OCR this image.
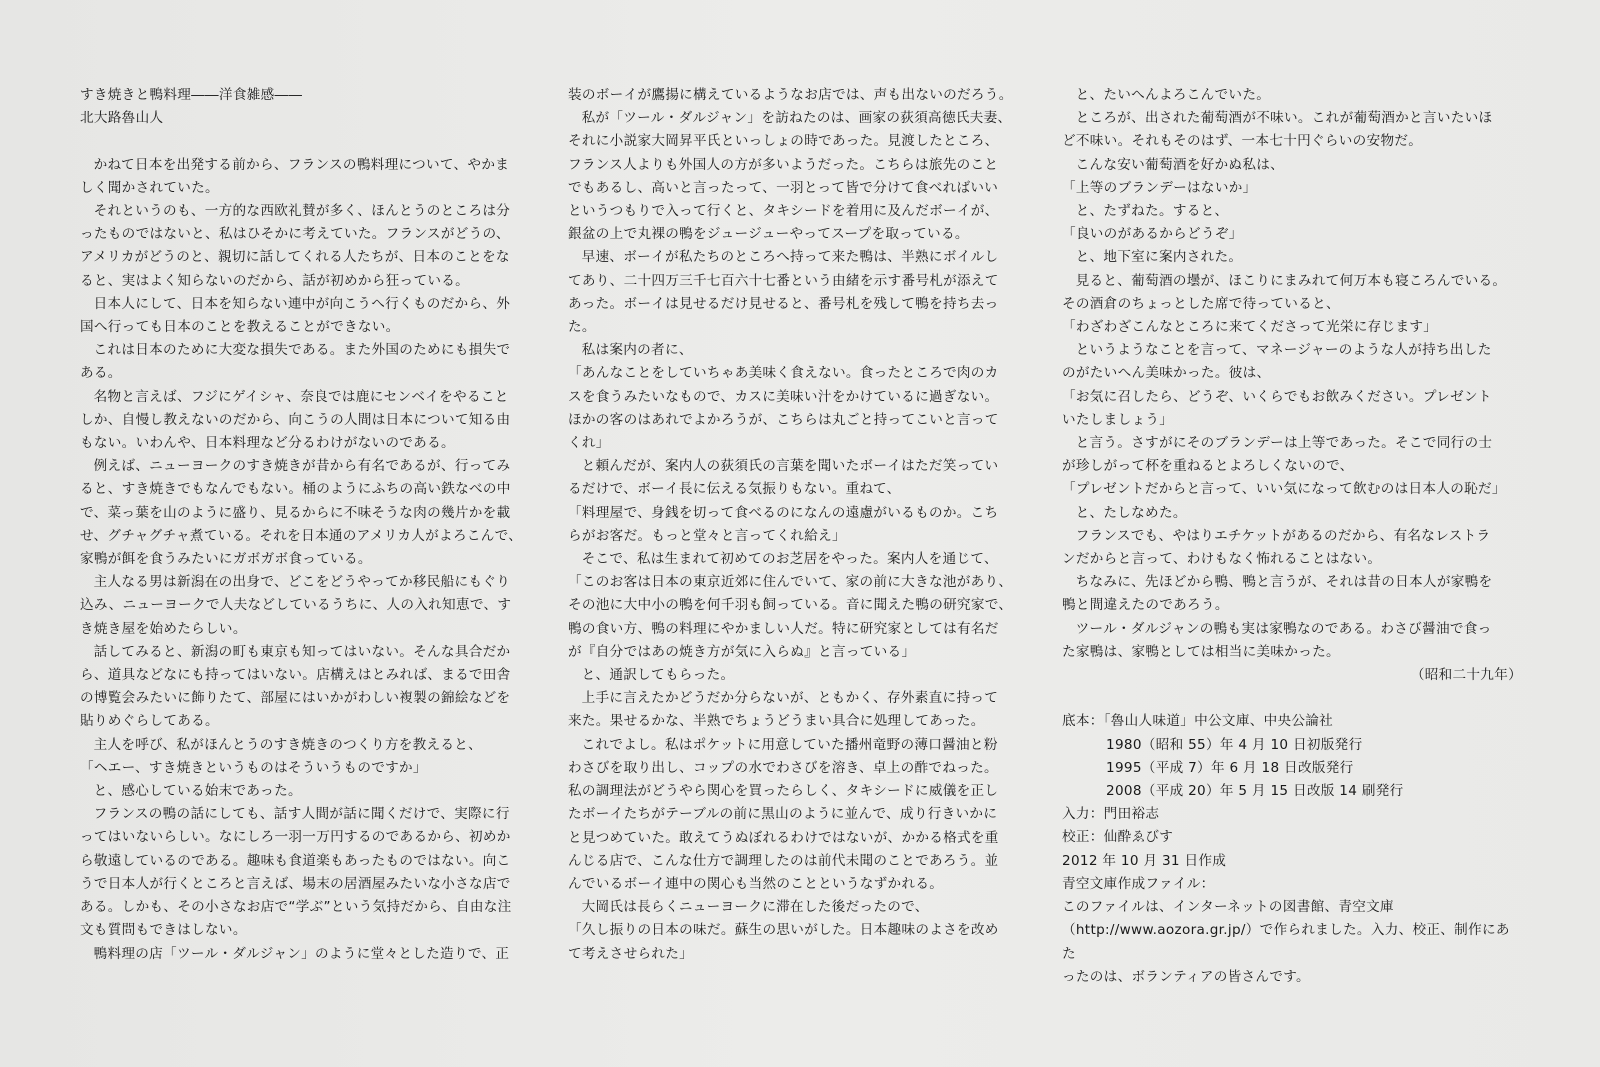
すき焼きと鴨料理――洋食雑感――

北大路魯山人

かねて日本を出発する前から、フランスの鴨料理について、やかま
しく聞かされていた。

それというのも、一方的な西欧礼賛が多く、ほんとうのところは分
ったものではないと、私はひそかに考えていた。フランスがどうの、
アメリカがどうのと、親切に話してくれる人たちが、日本のことをな
ると、実はよく知らないのだから、話が初めから狂っている。

日本人にして、日本を知らない連中が向こうへ行くものだから、外
国へ行っても日本のことを教えることができない。

これは日本のために大変な損失である。また外国のためにも損失で
ある。

名物と言えば、フジにゲイシャ、奈良では鹿にセンベイをやること
しか、自慢し教えないのだから、向こうの人間は日本について知る由
もない。いわんや、日本料理など分るわけがないのである。

例えば、ニューヨークのすき焼きが昔から有名であるが、行ってみ
ると、すき焼きでもなんでもない。桶のようにふちの高い鉄なべの中
で、菜っ葉を山のように盛り、見るからに不味そうな肉の幾片かを載
せ、グチャグチャ煮ている。それを日本通のアメリカ人がよろこんで、
家鴨が餌を食うみたいにガボガボ食っている。

主人なる男は新潟在の出身で、どこをどうやってか移民船にもぐり
込み、ニューヨークで人夫などしているうちに、人の入れ知恵で、す
き焼き屋を始めたらしい。

話してみると、新潟の町も東京も知ってはいない。そんな具合だか
ら、道具などなにも持ってはいない。店構えはとみれば、まるで田舎
の博覧会みたいに飾りたて、部屋にはいかがわしい複製の錦絵などを
貼りめぐらしてある。

主人を呼び、私がほんとうのすき焼きのつくり方を教えると、

「ヘエー、すき焼きというものはそういうものですか」

と、感心している始末であった。

フランスの鴨の話にしても、話す人間が話に聞くだけで、実際に行
ってはいないらしい。なにしろ一羽一万円するのであるから、初めか
ら敬遠しているのである。趣味も食道楽もあったものではない。向こ
うで日本人が行くところと言えば、場末の居酒屋みたいな小さな店で
ある。しかも、その小さなお店で“学ぶ”という気持だから、自由な注
文も質問もできはしない。

鴨料理の店「ツール・ダルジャン」のように堂々とした造りで、正

装のボーイが鷹揚に構えているようなお店では、声も出ないのだろう。

私が「ツール・ダルジャン」を訪ねたのは、画家の荻須高徳氏夫妻、
それに小説家大岡昇平氏といっしょの時であった。見渡したところ、
フランス人よりも外国人の方が多いようだった。こちらは旅先のこと
でもあるし、高いと言ったって、一羽とって皆で分けて食べればいい
というつもりで入って行くと、タキシードを着用に及んだボーイが、
銀盆の上で丸裸の鴨をジュージューやってスープを取っている。

早速、ボーイが私たちのところへ持って来た鴨は、半熟にボイルし
てあり、二十四万三千七百六十七番という由緒を示す番号札が添えて
あった。ボーイは見せるだけ見せると、番号札を残して鴨を持ち去っ
た。

私は案内の者に、

「あんなことをしていちゃあ美味く食えない。食ったところで肉のカ
スを食うみたいなもので、カスに美味い汁をかけているに過ぎない。
ほかの客のはあれでよかろうが、こちらは丸ごと持ってこいと言って
くれ」

と頼んだが、案内人の荻須氏の言葉を聞いたボーイはただ笑ってい
るだけで、ボーイ長に伝える気振りもない。重ねて、

「料理屋で、身銭を切って食べるのになんの遠慮がいるものか。こち
らがお客だ。もっと堂々と言ってくれ給え」

そこで、私は生まれて初めてのお芝居をやった。案内人を通じて、

「このお客は日本の東京近郊に住んでいて、家の前に大きな池があり、
その池に大中小の鴨を何千羽も飼っている。音に聞えた鴨の研究家で、
鴨の食い方、鴨の料理にやかましい人だ。特に研究家としては有名だ
が『自分ではあの焼き方が気に入らぬ』と言っている」

と、通訳してもらった。

上手に言えたかどうだか分らないが、ともかく、存外素直に持って
来た。果せるかな、半熟でちょうどうまい具合に処理してあった。

これでよし。私はポケットに用意していた播州竜野の薄口醤油と粉
わさびを取り出し、コップの水でわさびを溶き、卓上の酢でねった。
私の調理法がどうやら関心を買ったらしく、タキシードに威儀を正し
たボーイたちがテーブルの前に黒山のように並んで、成り行きいかに
と見つめていた。敢えてうぬぼれるわけではないが、かかる格式を重
んじる店で、こんな仕方で調理したのは前代未聞のことであろう。並
んでいるボーイ連中の関心も当然のことというなずかれる。

大岡氏は長らくニューヨークに滞在した後だったので、

「久し振りの日本の味だ。蘇生の思いがした。日本趣味のよさを改め
て考えさせられた」

と、たいへんよろこんでいた。

ところが、出された葡萄酒が不味い。これが葡萄酒かと言いたいほ
ど不味い。それもそのはず、一本七十円ぐらいの安物だ。

こんな安い葡萄酒を好かぬ私は、

「上等のブランデーはないか」

と、たずねた。すると、

「良いのがあるからどうぞ」

と、地下室に案内された。

見ると、葡萄酒の壜が、ほこりにまみれて何万本も寝ころんでいる。
その酒倉のちょっとした席で待っていると、

「わざわざこんなところに来てくださって光栄に存じます」

というようなことを言って、マネージャーのような人が持ち出した
のがたいへん美味かった。彼は、

「お気に召したら、どうぞ、いくらでもお飲みください。プレゼント
いたしましょう」

と言う。さすがにそのブランデーは上等であった。そこで同行の士
が珍しがって杯を重ねるとよろしくないので、

「プレゼントだからと言って、いい気になって飲むのは日本人の恥だ」

と、たしなめた。

フランスでも、やはりエチケットがあるのだから、有名なレストラ
ンだからと言って、わけもなく怖れることはない。

ちなみに、先ほどから鴨、鴨と言うが、それは昔の日本人が家鴨を
鴨と間違えたのであろう。

ツール・ダルジャンの鴨も実は家鴨なのである。わさび醤油で食っ
た家鴨は、家鴨としては相当に美味かった。

（昭和二十九年）

底本：「魯山人味道」中公文庫、中央公論社

1980（昭和 55）年 4 月 10 日初版発行

1995（平成 7）年 6 月 18 日改版発行

2008（平成 20）年 5 月 15 日改版 14 刷発行

入力：門田裕志

校正：仙酔ゑびす

2012 年 10 月 31 日作成

青空文庫作成ファイル：

このファイルは、インターネットの図書館、青空文庫
（http://www.aozora.gr.jp/）で作られました。入力、校正、制作にあた
ったのは、ボランティアの皆さんです。
